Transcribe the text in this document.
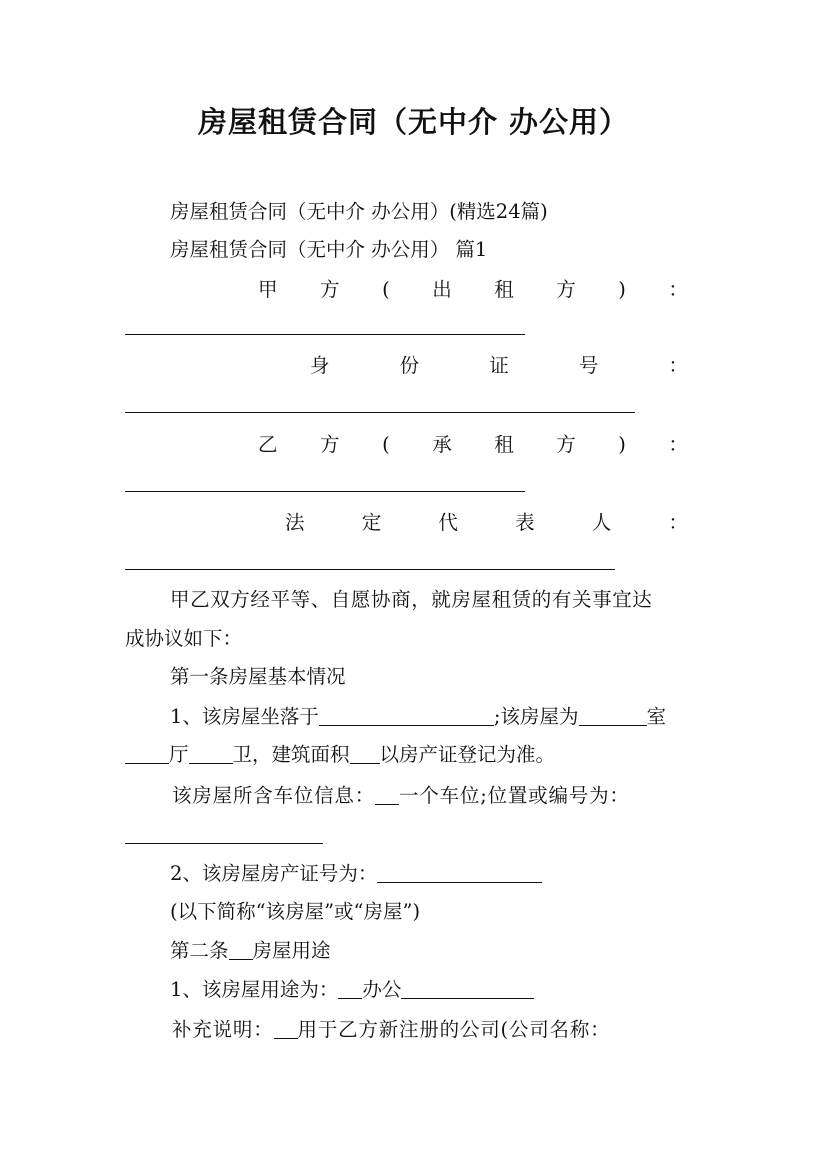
房屋租赁合同（无中介 办公用）
房屋租赁合同（无中介 办公用）(精选24篇)
房屋租赁合同（无中介 办公用） 篇1
甲 方 ( 出 租 方 ) ：
身	份	证	号	：
乙 方 ( 承 租 方 ) ：
法	定	代	表	人	：
甲乙双方经平等、自愿协商，就房屋租赁的有关事宜达
成协议如下：
第一条房屋基本情况
1、该房屋坐落于	;该房屋为	室
厅 卫，建筑面积 以房产证登记为准。
该房屋所含车位信息： 一个车位;位置或编号为：
2、该房屋房产证号为：
(以下简称“该房屋”或“房屋”)
第二条 房屋用途
1、该房屋用途为： 办公
补充说明： 用于乙方新注册的公司(公司名称：
